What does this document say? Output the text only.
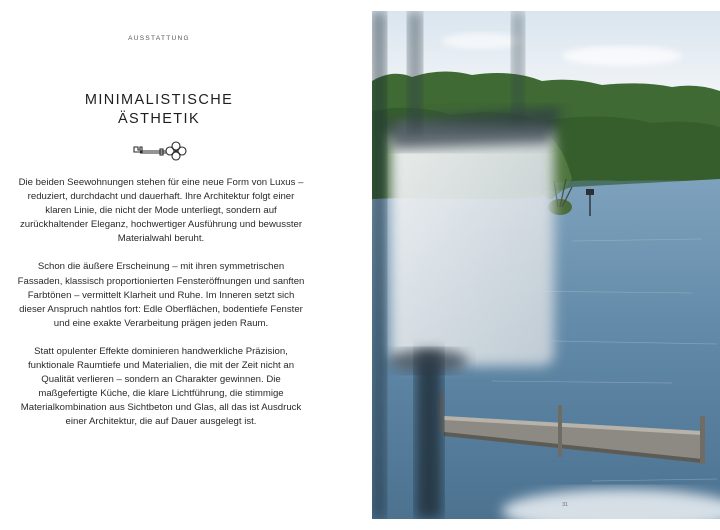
AUSSTATTUNG
MINIMALISTISCHE
ÄSTHETIK

Die beiden Seewohnungen stehen für eine neue Form von Luxus – reduziert, durchdacht und dauerhaft. Ihre Architektur folgt einer klaren Linie, die nicht der Mode unterliegt, sondern auf zurückhaltender Eleganz, hochwertiger Ausführung und bewusster Materialwahl beruht.

Schon die äußere Erscheinung – mit ihren symmetrischen Fassaden, klassisch proportionierten Fensteröffnungen und sanften Farbtönen – vermittelt Klarheit und Ruhe. Im Inneren setzt sich dieser Anspruch nahtlos fort: Edle Oberflächen, bodentiefe Fenster und eine exakte Verarbeitung prägen jeden Raum.

Statt opulenter Effekte dominieren handwerkliche Präzision, funktionale Raumtiefe und Materialien, die mit der Zeit nicht an Qualität verlieren – sondern an Charakter gewinnen. Die maßgefertigte Küche, die klare Lichtführung, die stimmige Materialkombination aus Sichtbeton und Glas, all das ist Ausdruck einer Architektur, die auf Dauer ausgelegt ist.

31
